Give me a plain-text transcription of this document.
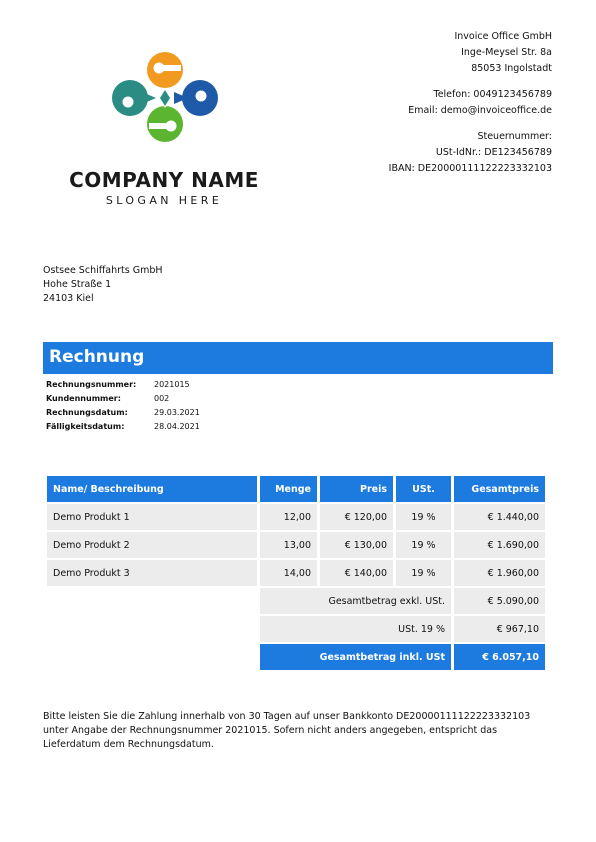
COMPANY NAME
SLOGAN HERE
Invoice Office GmbH
Inge-Meysel Str. 8a
85053 Ingolstadt
Telefon: 0049123456789
Email: demo@invoiceoffice.de
Steuernummer:
USt-IdNr.: DE123456789
IBAN: DE20000111122223332103
Ostsee Schiffahrts GmbH
Hohe Straße 1
24103 Kiel
Rechnung
Rechnungsnummer:	2021015
Kundennummer:	002
Rechnungsdatum:	29.03.2021
Fälligkeitsdatum:	28.04.2021
Name/ Beschreibung	Menge	Preis	USt.	Gesamtpreis
Demo Produkt 1	12,00	€ 120,00	19 %	€ 1.440,00
Demo Produkt 2	13,00	€ 130,00	19 %	€ 1.690,00
Demo Produkt 3	14,00	€ 140,00	19 %	€ 1.960,00
	Gesamtbetrag exkl. USt.			€ 5.090,00
	USt. 19 %			€ 967,10
	Gesamtbetrag inkl. USt			€ 6.057,10
Bitte leisten Sie die Zahlung innerhalb von 30 Tagen auf unser Bankkonto DE20000111122223332103 unter Angabe der Rechnungsnummer 2021015. Sofern nicht anders angegeben, entspricht das Lieferdatum dem Rechnungsdatum.
